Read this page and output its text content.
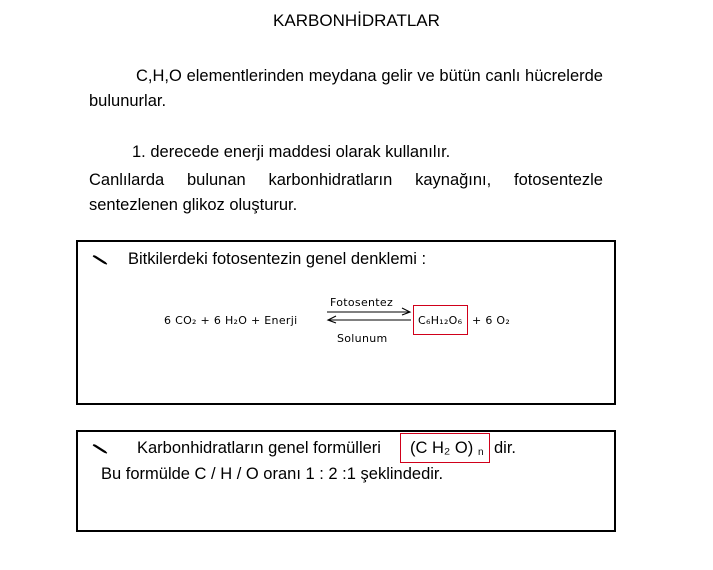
KARBONHİDRATLAR
C,H,O elementlerinden meydana gelir ve bütün canlı hücrelerde bulunurlar.
1. derecede enerji maddesi olarak kullanılır.
Canlılarda bulunan karbonhidratların kaynağını, fotosentezle sentezlenen glikoz oluşturur.
Bitkilerdeki fotosentezin genel denklemi :
6 CO₂ + 6 H₂O + Enerji
Fotosentez
Solunum
C₆H₁₂O₆ + 6 O₂
Karbonhidratların genel formülleri (C H₂ O) n dir.
Bu formülde C / H / O oranı 1 : 2 :1 şeklindedir.
